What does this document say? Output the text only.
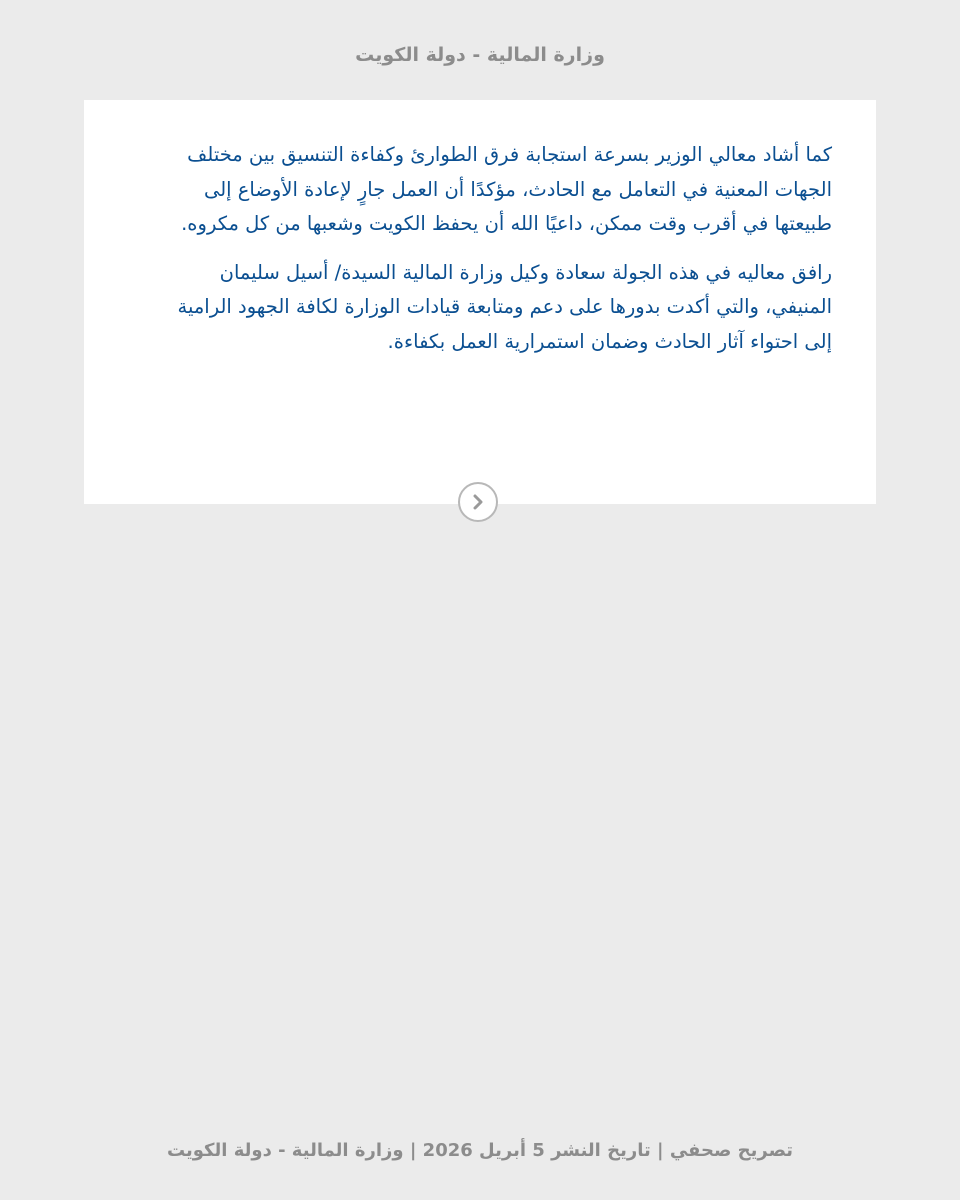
وزارة المالية - دولة الكويت

كما أشاد معالي الوزير بسرعة استجابة فرق الطوارئ وكفاءة التنسيق بين مختلف الجهات المعنية في التعامل مع الحادث، مؤكدًا أن العمل جارٍ لإعادة الأوضاع إلى طبيعتها في أقرب وقت ممكن، داعيًا الله أن يحفظ الكويت وشعبها من كل مكروه.

رافق معاليه في هذه الجولة سعادة وكيل وزارة المالية السيدة/ أسيل سليمان المنيفي، والتي أكدت بدورها على دعم ومتابعة قيادات الوزارة لكافة الجهود الرامية إلى احتواء آثار الحادث وضمان استمرارية العمل بكفاءة.

تصريح صحفي | تاريخ النشر 5 أبريل 2026 | وزارة المالية - دولة الكويت
